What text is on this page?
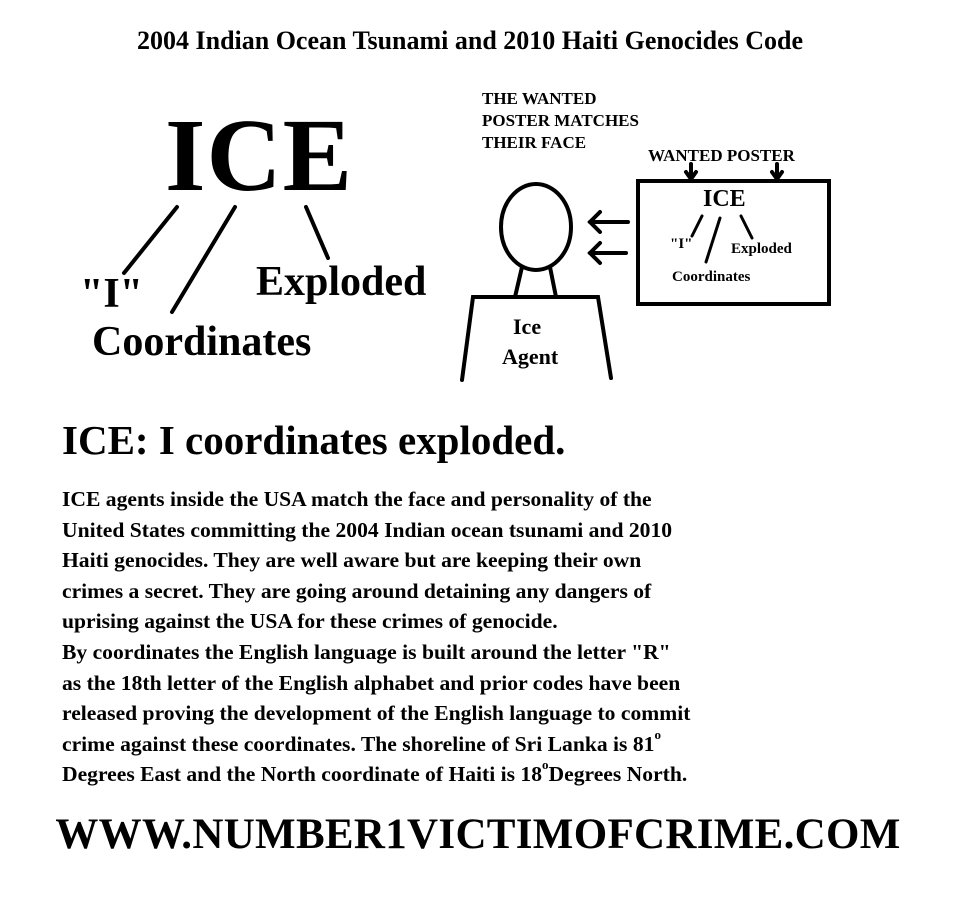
2004 Indian Ocean Tsunami and 2010 Haiti Genocides Code
ICE
"I"
Coordinates
Exploded
THE WANTED POSTER MATCHES THEIR FACE
WANTED POSTER
ICE
"I"	Exploded
Coordinates
Ice
Agent
ICE: I coordinates exploded.

ICE agents inside the USA match the face and personality of the

United States committing the 2004 Indian ocean tsunami and 2010

Haiti genocides. They are well aware but are keeping their own

crimes a secret. They are going around detaining any dangers of

uprising against the USA for these crimes of genocide.

By coordinates the English language is built around the letter "R"

as the 18th letter of the English alphabet and prior codes have been

released proving the development of the English language to commit

crime against these coordinates. The shoreline of Sri Lanka is 81$^o$

Degrees East and the North coordinate of Haiti is 18$^o$Degrees North.

WWW.NUMBER1VICTIMOFCRIME.COM
